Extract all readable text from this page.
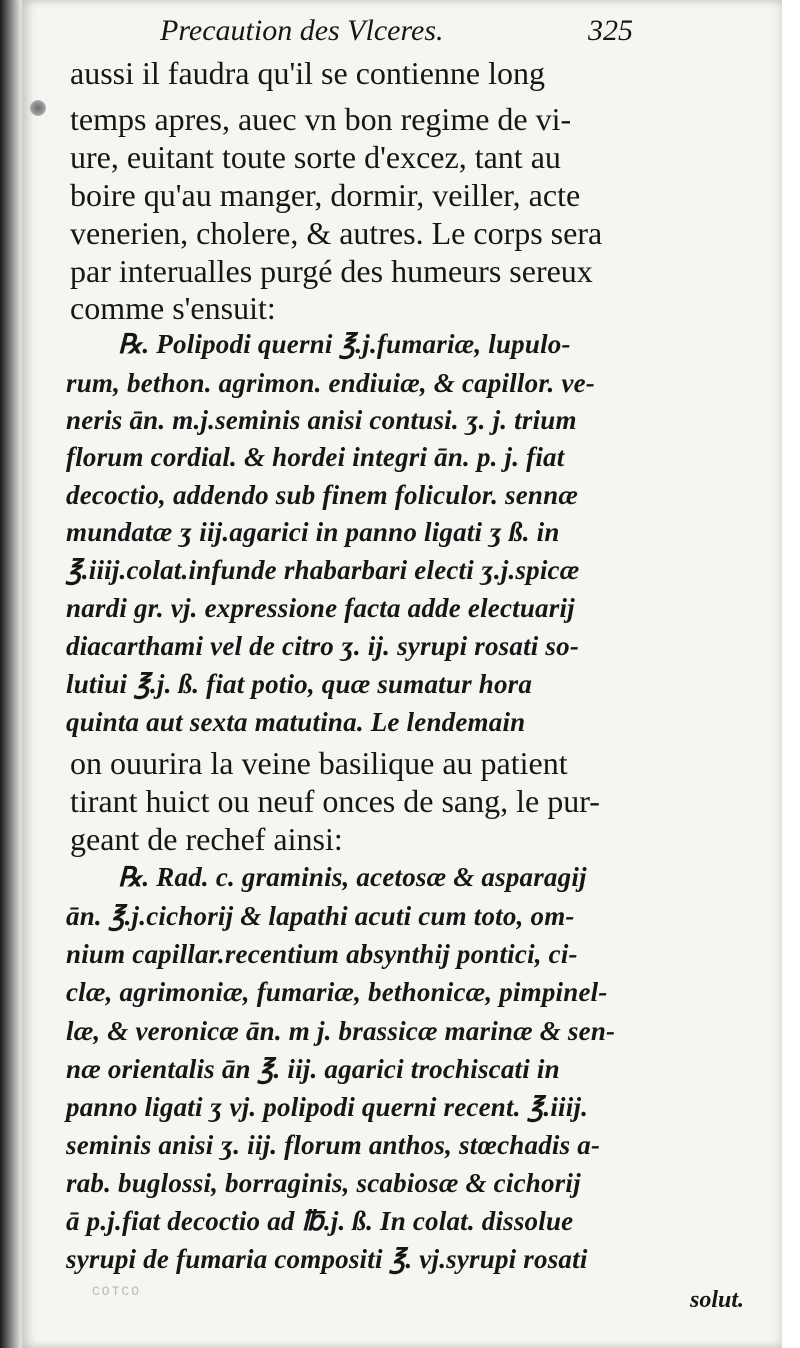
Precaution des Vlceres.	325
aussi il faudra qu'il se contienne long
temps apres, auec vn bon regime de vi-
ure, euitant toute sorte d'excez, tant au
boire qu'au manger, dormir, veiller, acte
venerien, cholere, & autres. Le corps sera
par interualles purgé des humeurs sereux
comme s'ensuit:
℞. Polipodi querni ℥.j.fumariæ, lupulo-
rum, bethon. agrimon. endiuiæ, & capillor. ve-
neris ān. m.j.seminis anisi contusi. ʒ. j. trium
florum cordial. & hordei integri ān. p. j. fiat
decoctio, addendo sub finem foliculor. sennæ
mundatæ ʒ iij.agarici in panno ligati ʒ ß. in
℥.iiij.colat.infunde rhabarbari electi ʒ.j.spicæ
nardi gr. vj. expressione facta adde electuarij
diacarthami vel de citro ʒ. ij. syrupi rosati so-
lutiui ℥.j. ß. fiat potio, quæ sumatur hora
quinta aut sexta matutina. Le lendemain
on ouurira la veine basilique au patient
tirant huict ou neuf onces de sang, le pur-
geant de rechef ainsi:
℞. Rad. c. graminis, acetosæ & asparagij
ān. ℥.j.cichorij & lapathi acuti cum toto, om-
nium capillar.recentium absynthij pontici, ci-
clæ, agrimoniæ, fumariæ, bethonicæ, pimpinel-
læ, & veronicæ ān. m j. brassicæ marinæ & sen-
næ orientalis ān ℥. iij. agarici trochiscati in
panno ligati ʒ vj. polipodi querni recent. ℥.iiij.
seminis anisi ʒ. iij. florum anthos, stœchadis a-
rab. buglossi, borraginis, scabiosæ & cichorij
ā p.j.fiat decoctio ad ℔.j. ß. In colat. dissolue
syrupi de fumaria compositi ℥. vj.syrupi rosati
COTCO	solut.
